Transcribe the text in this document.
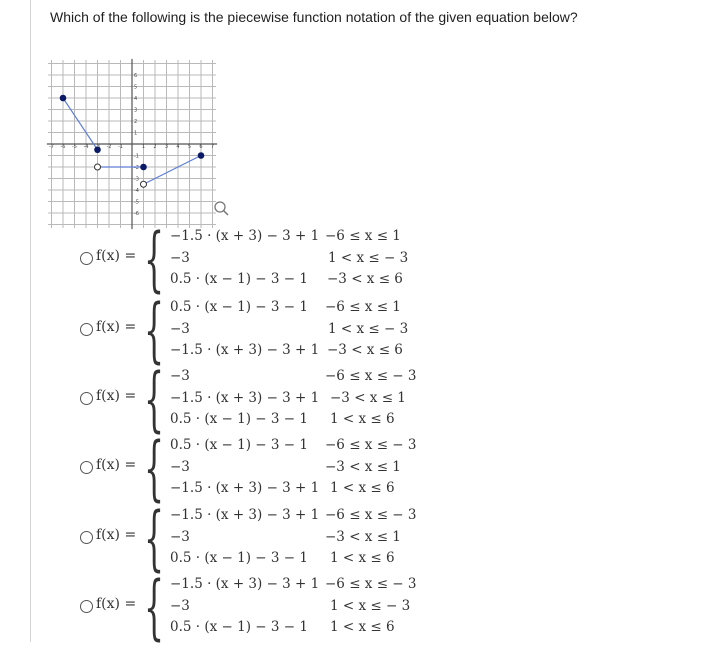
Which of the following is the piecewise function notation of the given equation below?
-7 -6 -5 -4	-2 -1	1 2 3 4 5 6 7
6
5
4
3
2
1
-1
-2
-3
-4
-5
-6
f(x) = { −1.5 · (x + 3) − 3 + 1 −6 ≤ x ≤ 1
−3	1 < x ≤ − 3
0.5 · (x − 1) − 3 − 1 −3 < x ≤ 6
f(x) = { 0.5 · (x − 1) − 3 − 1 −6 ≤ x ≤ 1
−3	1 < x ≤ − 3
−1.5 · (x + 3) − 3 + 1 −3 < x ≤ 6
f(x) = { −3	−6 ≤ x ≤ − 3
−1.5 · (x + 3) − 3 + 1 −3 < x ≤ 1
0.5 · (x − 1) − 3 − 1 1 < x ≤ 6
f(x) = { 0.5 · (x − 1) − 3 − 1 −6 ≤ x ≤ − 3
−3	−3 < x ≤ 1
−1.5 · (x + 3) − 3 + 1 1 < x ≤ 6
f(x) = { −1.5 · (x + 3) − 3 + 1 −6 ≤ x ≤ − 3
−3	−3 < x ≤ 1
0.5 · (x − 1) − 3 − 1 1 < x ≤ 6
f(x) = { −1.5 · (x + 3) − 3 + 1 −6 ≤ x ≤ − 3
−3	1 < x ≤ − 3
0.5 · (x − 1) − 3 − 1 1 < x ≤ 6
